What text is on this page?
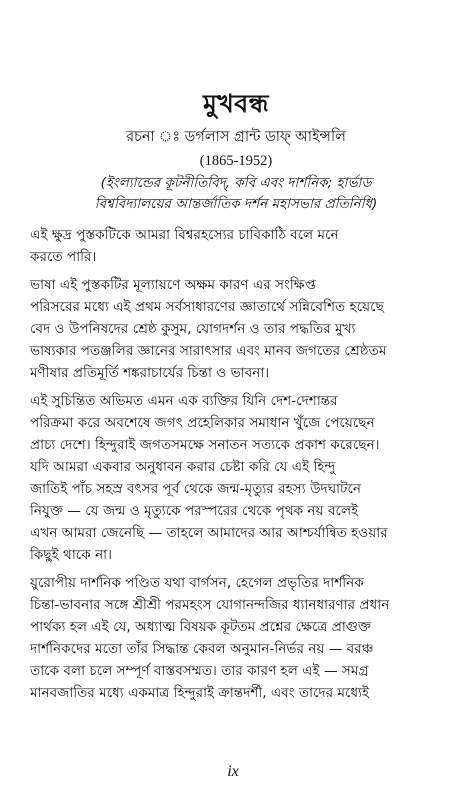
মুখবন্ধ
রচনা ঃ ডর্গলাস গ্রান্ট ডাফ্ আইন্সলি
(1865-1952)
(ইংল্যান্ডের কূটনীতিবিদ্, কবি এবং দার্শনিক; হার্ভাড
বিশ্ববিদ্যালয়ের আন্তর্জাতিক দর্শন মহাসভার প্রতিনিধি)

এই ক্ষুদ্র পুস্তকটিকে আমরা বিশ্বরহস্যের চাবিকাঠি বলে মনে
করতে পারি।

ভাষা এই পুস্তকটির মূল্যায়ণে অক্ষম কারণ এর সংক্ষিপ্ত
পরিসরের মধ্যে এই প্রথম সর্বসাধারণের জ্ঞাতার্থে সন্নিবেশিত হয়েছে
বেদ ও উপনিষদের শ্রেষ্ঠ কুসুম, যোগদর্শন ও তার পদ্ধতির মুখ্য
ভাষ্যকার পতঞ্জলির জ্ঞানের সারাৎসার এবং মানব জগতের শ্রেষ্ঠতম
মণীষার প্রতিমূর্তি শঙ্করাচার্যের চিন্তা ও ভাবনা।

এই সুচিন্তিত অভিমত এমন এক ব্যক্তির যিনি দেশ-দেশান্তর
পরিক্রমা করে অবশেষে জগৎ প্রহেলিকার সমাধান খুঁজে পেয়েছেন
প্রাচ্য দেশে। হিন্দুরাই জগতসমক্ষে সনাতন সত্যকে প্রকাশ করেছেন।
যদি আমরা একবার অনুধাবন করার চেষ্টা করি যে এই হিন্দু
জাতিই পাঁচ সহস্র বৎসর পূর্ব থেকে জন্ম-মৃত্যুর রহস্য উদঘাটনে
নিযুক্ত — যে জন্ম ও মৃত্যুকে পরস্পরের থেকে পৃথক নয় বলেই
এখন আমরা জেনেছি — তাহলে আমাদের আর আশ্চর্যান্বিত হওয়ার
কিছুই থাকে না।

য়ুরোপীয় দার্শনিক পণ্ডিত যথা বার্গসন, হেগেল প্রভৃতির দার্শনিক
চিন্তা-ভাবনার সঙ্গে শ্রীশ্রী পরমহংস যোগানন্দজির ধ্যানধারণার প্রধান
পার্থক্য হল এই যে, অধ্যাত্ম বিষয়ক কূটতম প্রশ্নের ক্ষেত্রে প্রাগুক্ত
দার্শনিকদের মতো তাঁর সিদ্ধান্ত কেবল অনুমান-নির্ভর নয় — বরঞ্চ
তাকে বলা চলে সম্পূর্ণ বাস্তবসম্মত। তার কারণ হল এই — সমগ্র
মানবজাতির মধ্যে একমাত্র হিন্দুরাই ক্রান্তদর্শী, এবং তাদের মধ্যেই

ix
